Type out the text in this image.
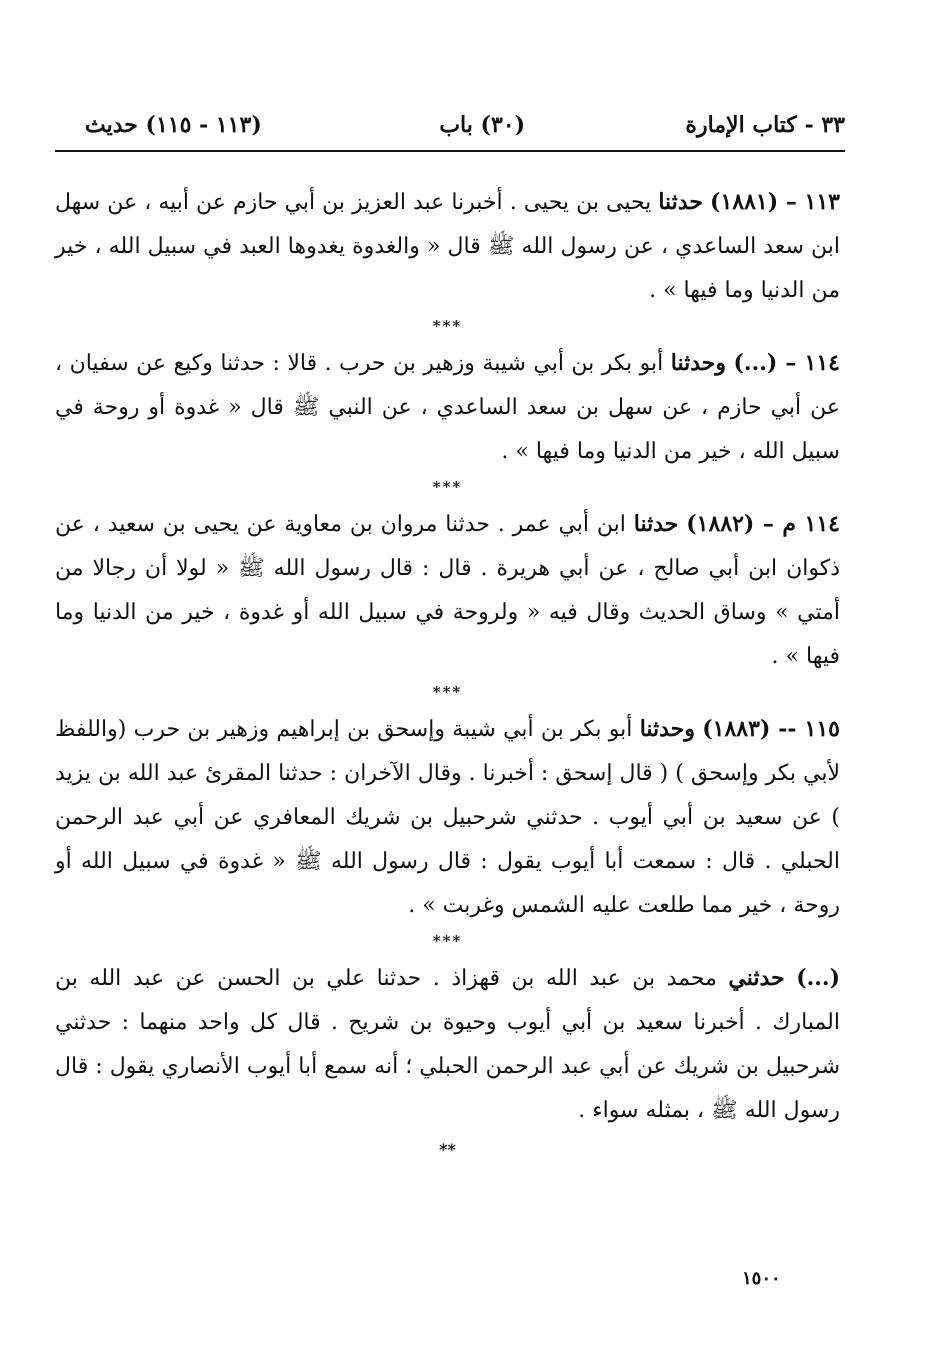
٣٣ - كتاب الإمارة
(٣٠) باب
(١١٣ - ١١٥) حديث

١١٣ – (١٨٨١) حدثنا يحيى بن يحيى . أخبرنا عبد العزيز بن أبي حازم عن أبيه ، عن سهل ابن سعد الساعدي ، عن رسول الله ﷺ قال « والغدوة يغدوها العبد في سبيل الله ، خير من الدنيا وما فيها » .

***

١١٤ – (...) وحدثنا أبو بكر بن أبي شيبة وزهير بن حرب . قالا : حدثنا وكيع عن سفيان ، عن أبي حازم ، عن سهل بن سعد الساعدي ، عن النبي ﷺ قال « غدوة أو روحة في سبيل الله ، خير من الدنيا وما فيها » .

***

١١٤ م – (١٨٨٢) حدثنا ابن أبي عمر . حدثنا مروان بن معاوية عن يحيى بن سعيد ، عن ذكوان ابن أبي صالح ، عن أبي هريرة . قال : قال رسول الله ﷺ « لولا أن رجالا من أمتي » وساق الحديث وقال فيه « ولروحة في سبيل الله أو غدوة ، خير من الدنيا وما فيها » .

***

١١٥ -- (١٨٨٣) وحدثنا أبو بكر بن أبي شيبة وإسحق بن إبراهيم وزهير بن حرب (واللفظ لأبي بكر وإسحق ) ( قال إسحق : أخبرنا . وقال الآخران : حدثنا المقرئ عبد الله بن يزيد ) عن سعيد بن أبي أيوب . حدثني شرحبيل بن شريك المعافري عن أبي عبد الرحمن الحبلي . قال : سمعت أبا أيوب يقول : قال رسول الله ﷺ « غدوة في سبيل الله أو روحة ، خير مما طلعت عليه الشمس وغربت » .

***

(...) حدثني محمد بن عبد الله بن قهزاذ . حدثنا علي بن الحسن عن عبد الله بن المبارك . أخبرنا سعيد بن أبي أيوب وحيوة بن شريح . قال كل واحد منهما : حدثني شرحبيل بن شريك عن أبي عبد الرحمن الحبلي ؛ أنه سمع أبا أيوب الأنصاري يقول : قال رسول الله ﷺ ، بمثله سواء .

**
١٥٠٠
